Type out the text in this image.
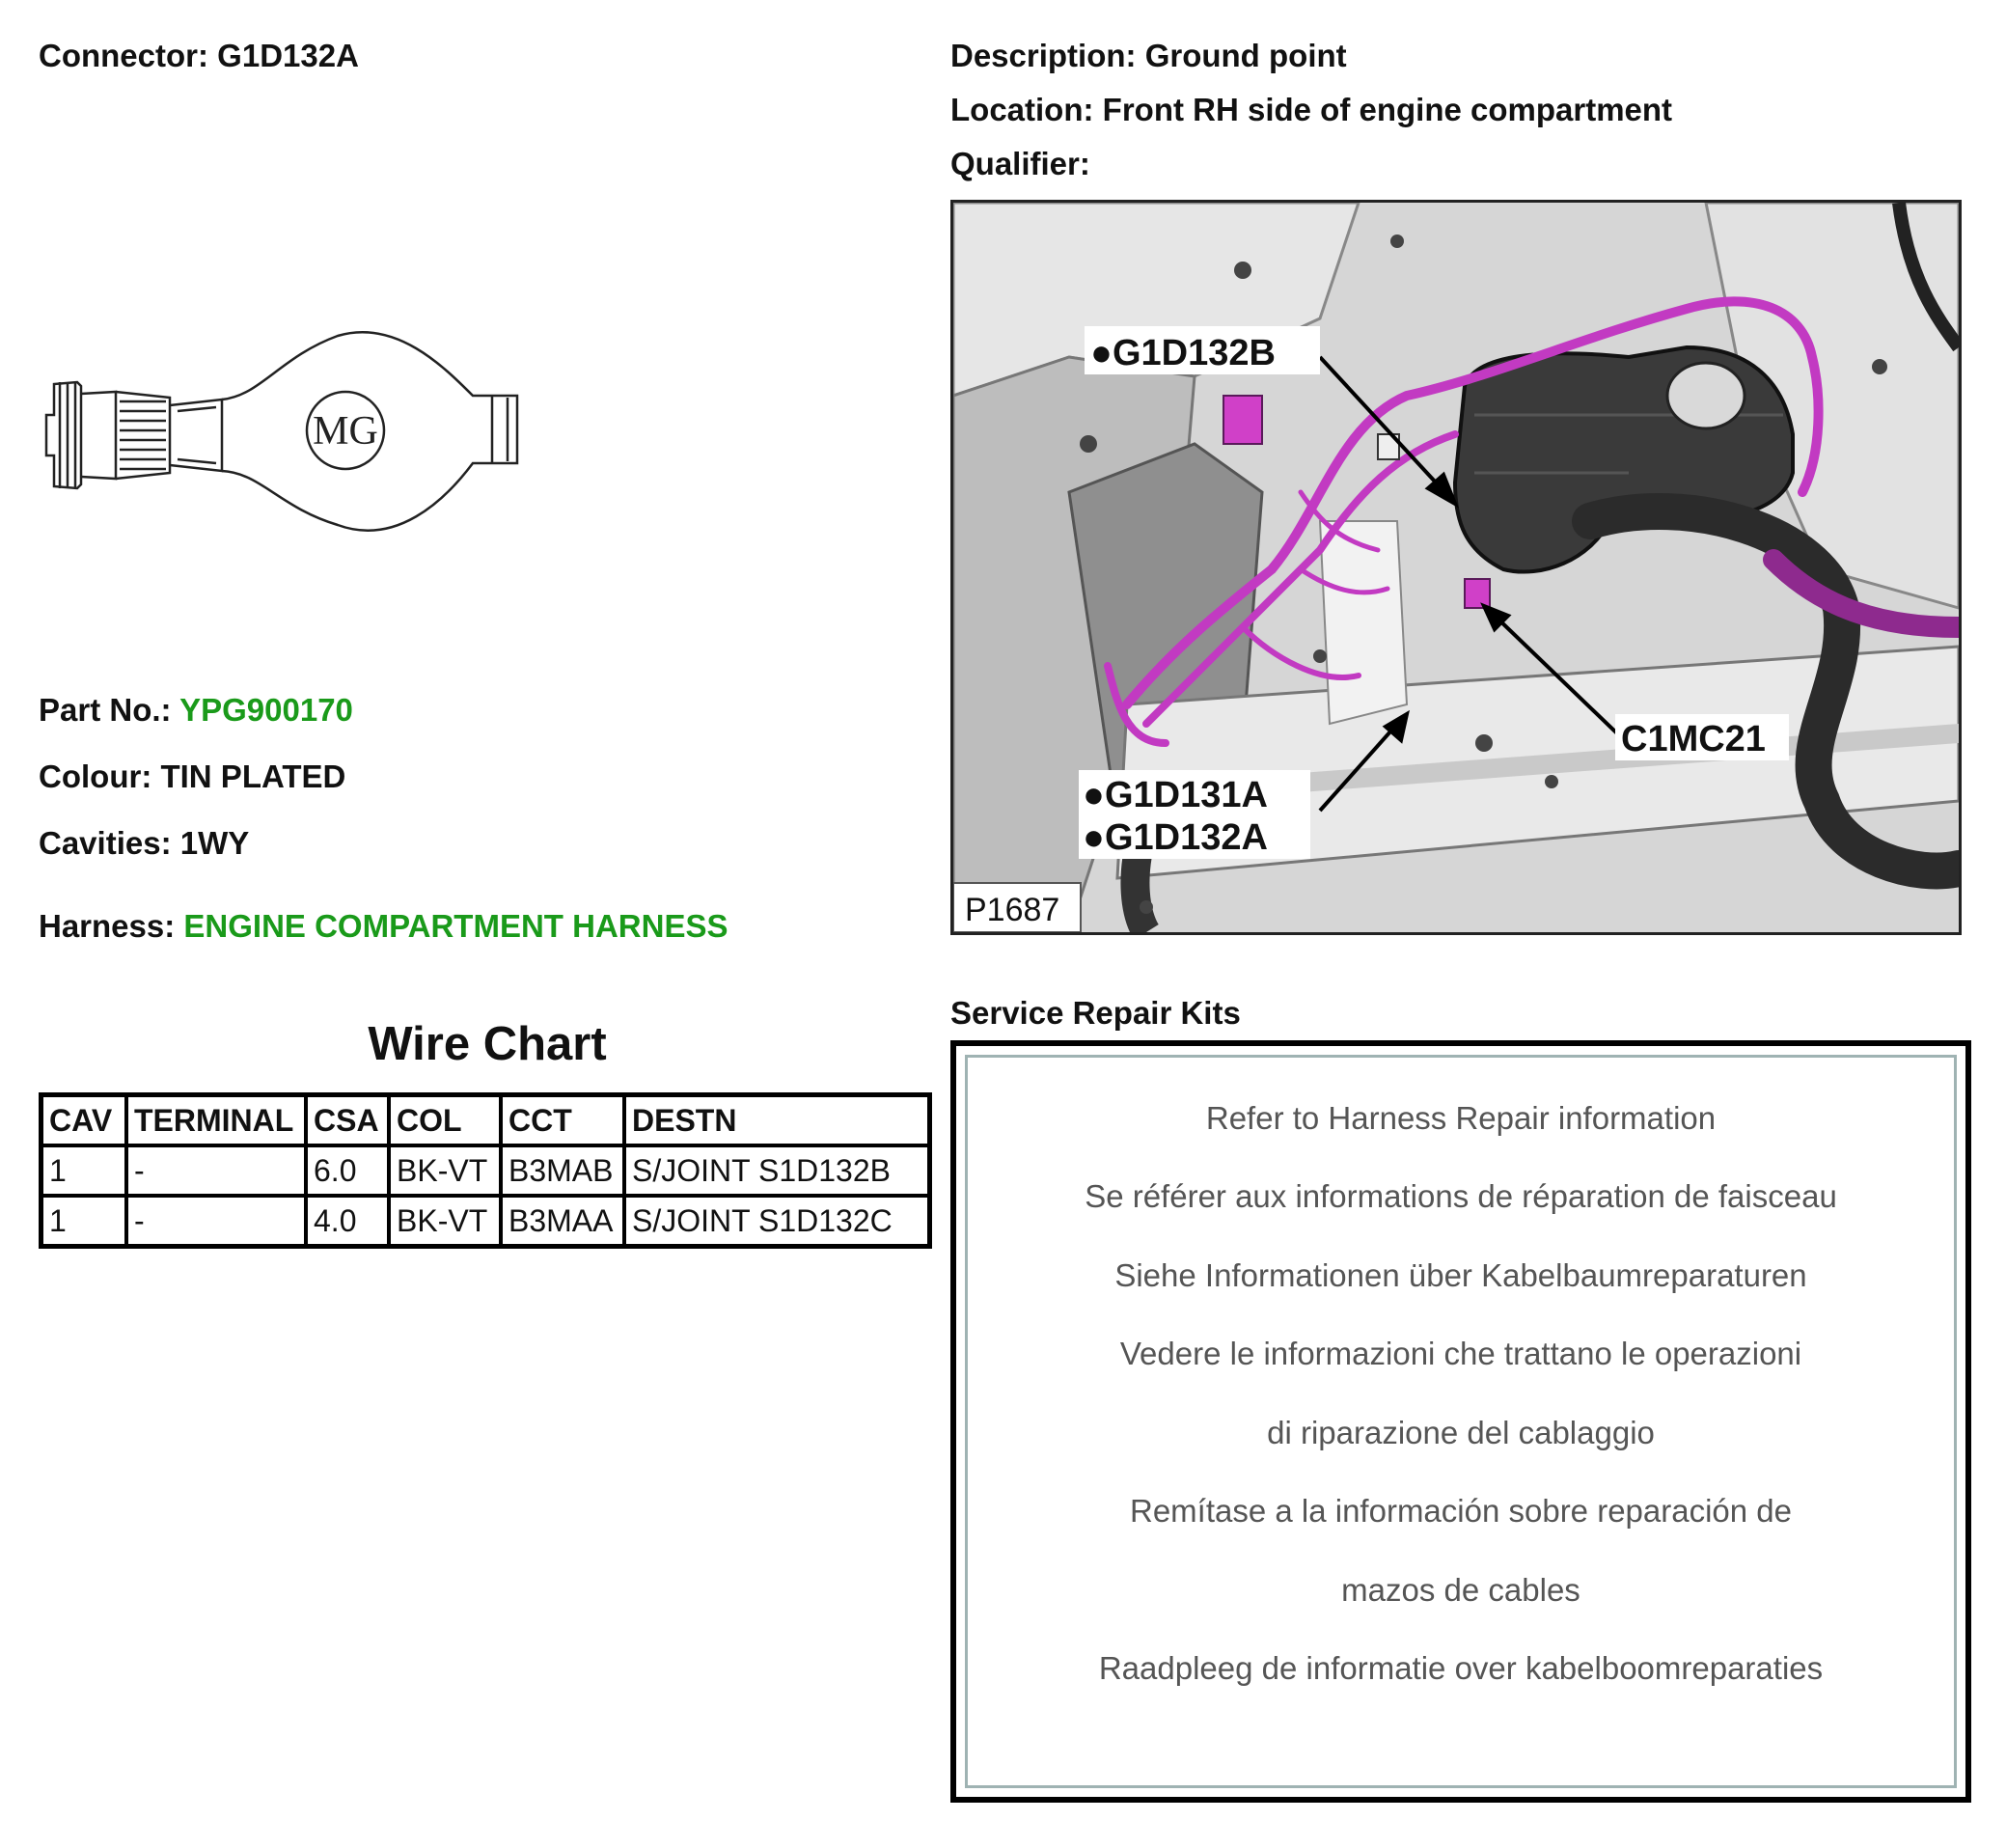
Connector: G1D132A
MG
Part No.: YPG900170
Colour: TIN PLATED
Cavities: 1WY
Harness: ENGINE COMPARTMENT HARNESS
Wire Chart
CAV	TERMINAL	CSA	COL	CCT	DESTN
1	-	6.0	BK-VT	B3MAB	S/JOINT S1D132B
1	-	4.0	BK-VT	B3MAA	S/JOINT S1D132C
Description: Ground point
Location: Front RH side of engine compartment
Qualifier:
●G1D132B
●G1D131A
●G1D132A
C1MC21
P1687
Service Repair Kits
Refer to Harness Repair information
Se référer aux informations de réparation de faisceau
Siehe Informationen über Kabelbaumreparaturen
Vedere le informazioni che trattano le operazioni
di riparazione del cablaggio
Remítase a la información sobre reparación de
mazos de cables
Raadpleeg de informatie over kabelboomreparaties
